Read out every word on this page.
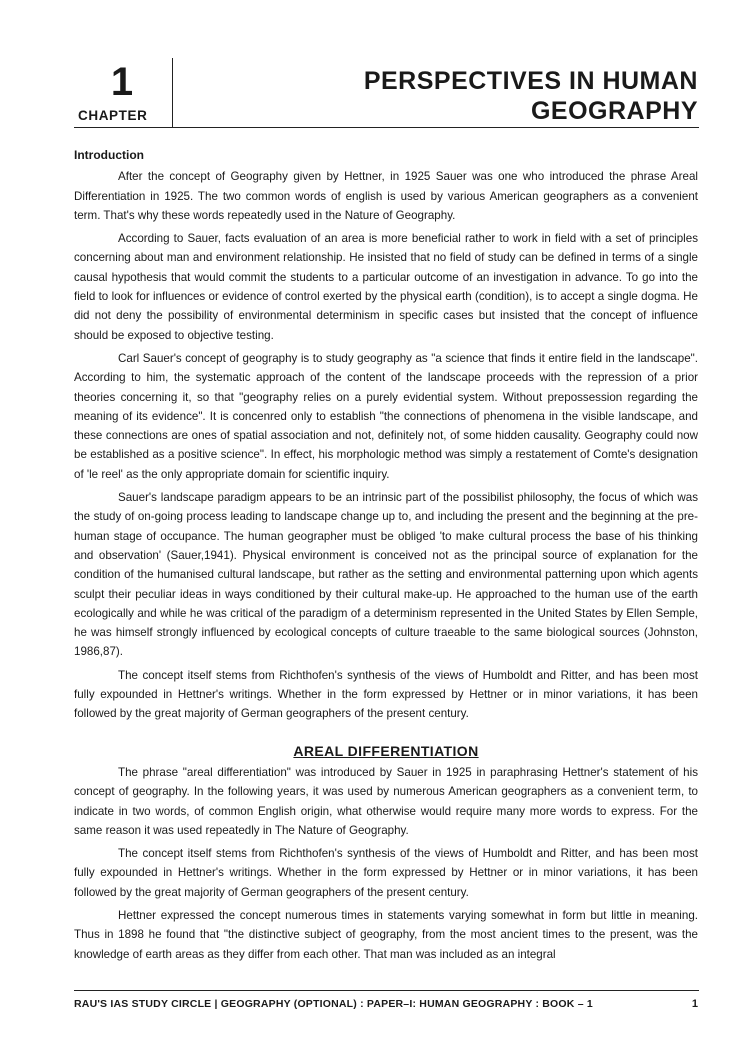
1
CHAPTER
PERSPECTIVES IN HUMAN
GEOGRAPHY
Introduction

After the concept of Geography given by Hettner, in 1925 Sauer was one who introduced the phrase Areal Differentiation in 1925. The two common words of english is used by various American geographers as a convenient term. That's why these words repeatedly used in the Nature of Geography.

According to Sauer, facts evaluation of an area is more beneficial rather to work in field with a set of principles concerning about man and environment relationship. He insisted that no field of study can be defined in terms of a single causal hypothesis that would commit the students to a particular outcome of an investigation in advance. To go into the field to look for influences or evidence of control exerted by the physical earth (condition), is to accept a single dogma. He did not deny the possibility of environmental determinism in specific cases but insisted that the concept of influence should be exposed to objective testing.

Carl Sauer's concept of geography is to study geography as "a science that finds it entire field in the landscape". According to him, the systematic approach of the content of the landscape proceeds with the repression of a prior theories concerning it, so that "geography relies on a purely evidential system. Without prepossession regarding the meaning of its evidence". It is concenred only to establish "the connections of phenomena in the visible landscape, and these connections are ones of spatial association and not, definitely not, of some hidden causality. Geography could now be established as a positive science". In effect, his morphologic method was simply a restatement of Comte's designation of 'le reel' as the only appropriate domain for scientific inquiry.

Sauer's landscape paradigm appears to be an intrinsic part of the possibilist philosophy, the focus of which was the study of on-going process leading to landscape change up to, and including the present and the beginning at the pre-human stage of occupance. The human geographer must be obliged 'to make cultural process the base of his thinking and observation' (Sauer,1941). Physical environment is conceived not as the principal source of explanation for the condition of the humanised cultural landscape, but rather as the setting and environmental patterning upon which agents sculpt their peculiar ideas in ways conditioned by their cultural make-up. He approached to the human use of the earth ecologically and while he was critical of the paradigm of a determinism represented in the United States by Ellen Semple, he was himself strongly influenced by ecological concepts of culture traeable to the same biological sources (Johnston, 1986,87).

The concept itself stems from Richthofen's synthesis of the views of Humboldt and Ritter, and has been most fully expounded in Hettner's writings. Whether in the form expressed by Hettner or in minor variations, it has been followed by the great majority of German geographers of the present century.

AREAL DIFFERENTIATION

The phrase "areal differentiation" was introduced by Sauer in 1925 in paraphrasing Hettner's statement of his concept of geography. In the following years, it was used by numerous American geographers as a convenient term, to indicate in two words, of common English origin, what otherwise would require many more words to express. For the same reason it was used repeatedly in The Nature of Geography.

The concept itself stems from Richthofen's synthesis of the views of Humboldt and Ritter, and has been most fully expounded in Hettner's writings. Whether in the form expressed by Hettner or in minor variations, it has been followed by the great majority of German geographers of the present century.

Hettner expressed the concept numerous times in statements varying somewhat in form but little in meaning. Thus in 1898 he found that "the distinctive subject of geography, from the most ancient times to the present, was the knowledge of earth areas as they differ from each other. That man was included as an integral

RAU'S IAS STUDY CIRCLE | GEOGRAPHY (OPTIONAL) : PAPER–I: HUMAN GEOGRAPHY : BOOK – 1	1
